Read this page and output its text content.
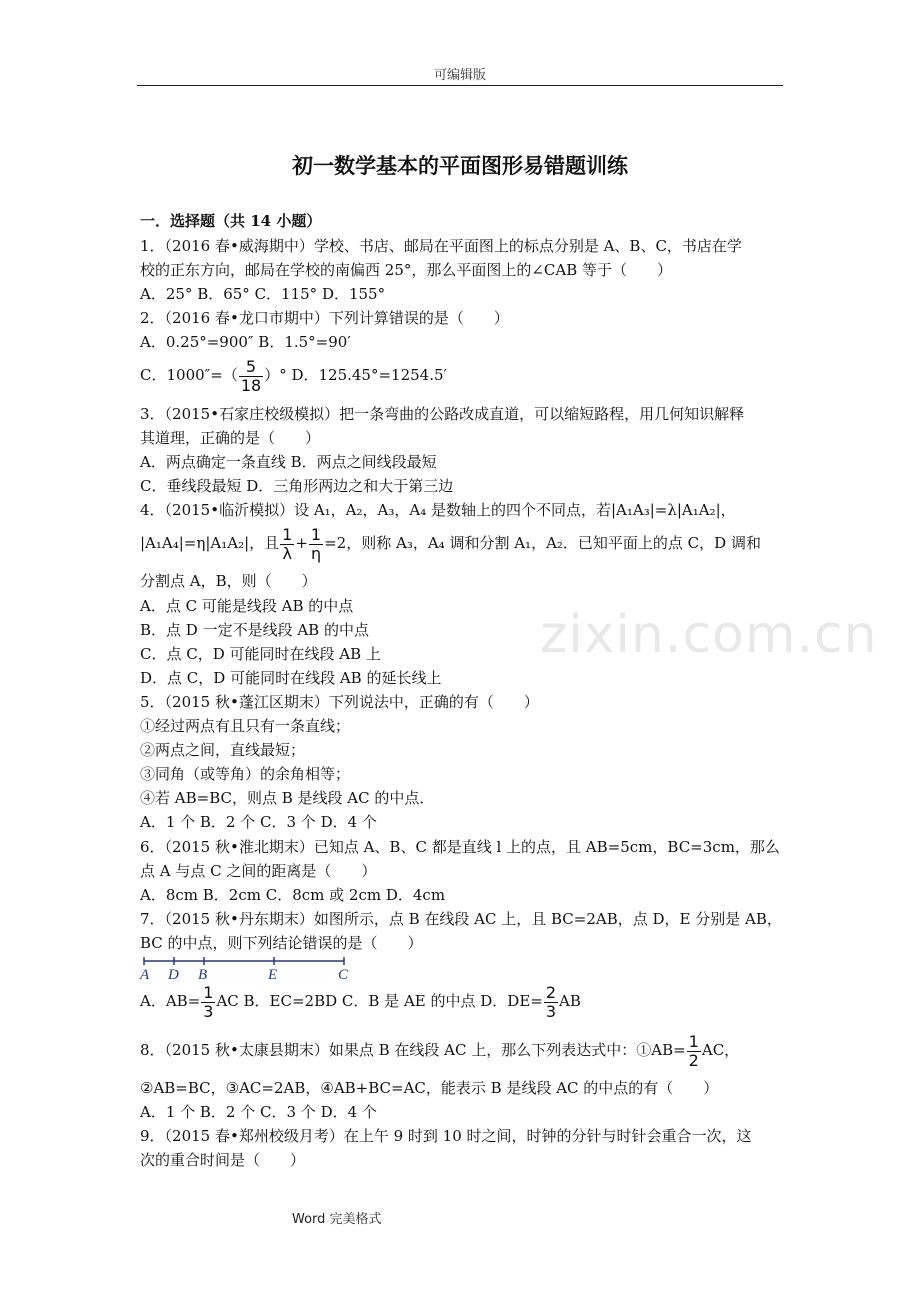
可编辑版
初一数学基本的平面图形易错题训练
zixin.com.cn
一．选择题（共 14 小题）
1．（2016 春•威海期中）学校、书店、邮局在平面图上的标点分别是 A、B、C，书店在学
校的正东方向，邮局在学校的南偏西 25°，那么平面图上的∠CAB 等于（　　）
A．25° B．65° C．115° D．155°
2．（2016 春•龙口市期中）下列计算错误的是（　　）
A．0.25°=900″ B．1.5°=90′
C．$1000''=( \frac{5}{18}$ ）° D．125.45°=1254.5′
3．（2015•石家庄校级模拟）把一条弯曲的公路改成直道，可以缩短路程，用几何知识解释
其道理，正确的是（　　）
A．两点确定一条直线 B．两点之间线段最短
C．垂线段最短 D．三角形两边之和大于第三边
4．（2015•临沂模拟）设 A₁，A₂，A₃，A₄ 是数轴上的四个不同点，若|A₁A₃|=λ|A₁A₂|，
|A₁A₄|=η|A₁A₂|，且 $\frac{1}{\lambda} + \frac{1}{\eta} =2$，则称 A₃，A₄ 调和分割 A₁，A₂．已知平面上的点 C，D 调和
分割点 A，B，则（　　）
A．点 C 可能是线段 AB 的中点
B．点 D 一定不是线段 AB 的中点
C．点 C，D 可能同时在线段 AB 上
D．点 C，D 可能同时在线段 AB 的延长线上
5．（2015 秋•蓬江区期末）下列说法中，正确的有（　　）
①经过两点有且只有一条直线；
②两点之间，直线最短；
③同角（或等角）的余角相等；
④若 AB=BC，则点 B 是线段 AC 的中点．
A．1 个 B．2 个 C．3 个 D．4 个
6．（2015 秋•淮北期末）已知点 A、B、C 都是直线 l 上的点，且 AB=5cm，BC=3cm，那么
点 A 与点 C 之间的距离是（　　）
A．8cm B．2cm C．8cm 或 2cm D．4cm
7．（2015 秋•丹东期末）如图所示，点 B 在线段 AC 上，且 BC=2AB，点 D，E 分别是 AB，
BC 的中点，则下列结论错误的是（　　）
A D B	E	C
A．$AB= \frac{1}{3}$ AC B．EC=2BD C．B 是 AE 的中点 D．$DE= \frac{2}{3}$ AB
8．（2015 秋•太康县期末）如果点 B 在线段 AC 上，那么下列表达式中：①AB= $\frac{1}{2}$ AC，
②AB=BC，③AC=2AB，④AB+BC=AC，能表示 B 是线段 AC 的中点的有（　　）
A．1 个 B．2 个 C．3 个 D．4 个
9．（2015 春•郑州校级月考）在上午 9 时到 10 时之间，时钟的分针与时针会重合一次，这
次的重合时间是（　　）
Word 完美格式
